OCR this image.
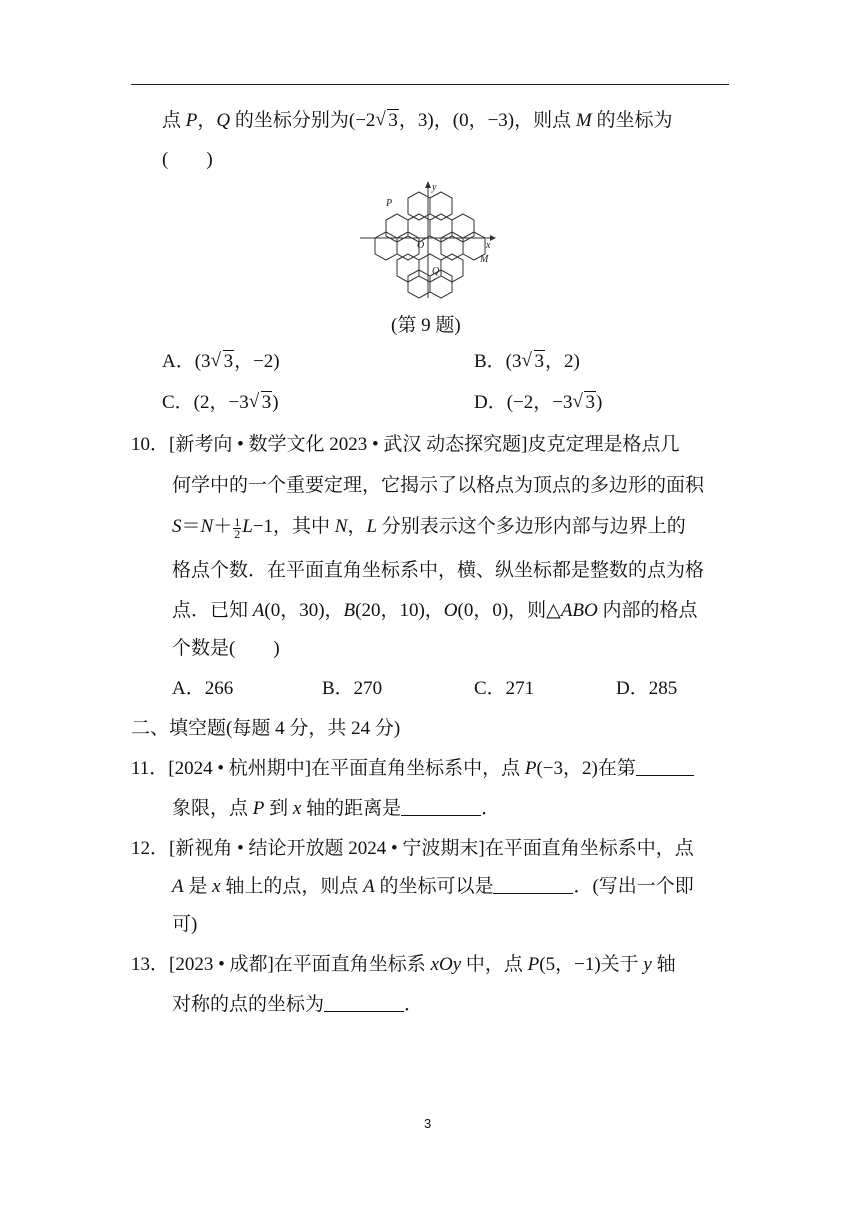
点 P，Q 的坐标分别为(−2 √ 3，3)，(0，−3)，则点 M 的坐标为
(　　)
P
y
O	x
M
Q
(第 9 题)
A．(3 √ 3，−2)	B．(3 √ 3，2)
C．(2，−3 √ 3)	D．(−2，−3 √ 3)
10．[新考向 • 数学文化 2023 • 武汉 动态探究题]皮克定理是格点几
何学中的一个重要定理，它揭示了以格点为顶点的多边形的面积
$S=N+ \frac{1}{2} L-1$，其中 N，L 分别表示这个多边形内部与边界上的
格点个数．在平面直角坐标系中，横、纵坐标都是整数的点为格
点．已知 A(0，30)，B(20，10)，O(0，0)，则△ABO 内部的格点
个数是(　　)
A．266	B．270	C．271	D．285
二、填空题(每题 4 分，共 24 分)
11．[2024 • 杭州期中]在平面直角坐标系中，点 P(−3，2)在第
象限，点 P 到 x 轴的距离是	．
12．[新视角 • 结论开放题 2024 • 宁波期末]在平面直角坐标系中，点
A 是 x 轴上的点，则点 A 的坐标可以是	．(写出一个即
可)
13．[2023 • 成都]在平面直角坐标系 xOy 中，点 P(5，−1)关于 y 轴
对称的点的坐标为	．
3
